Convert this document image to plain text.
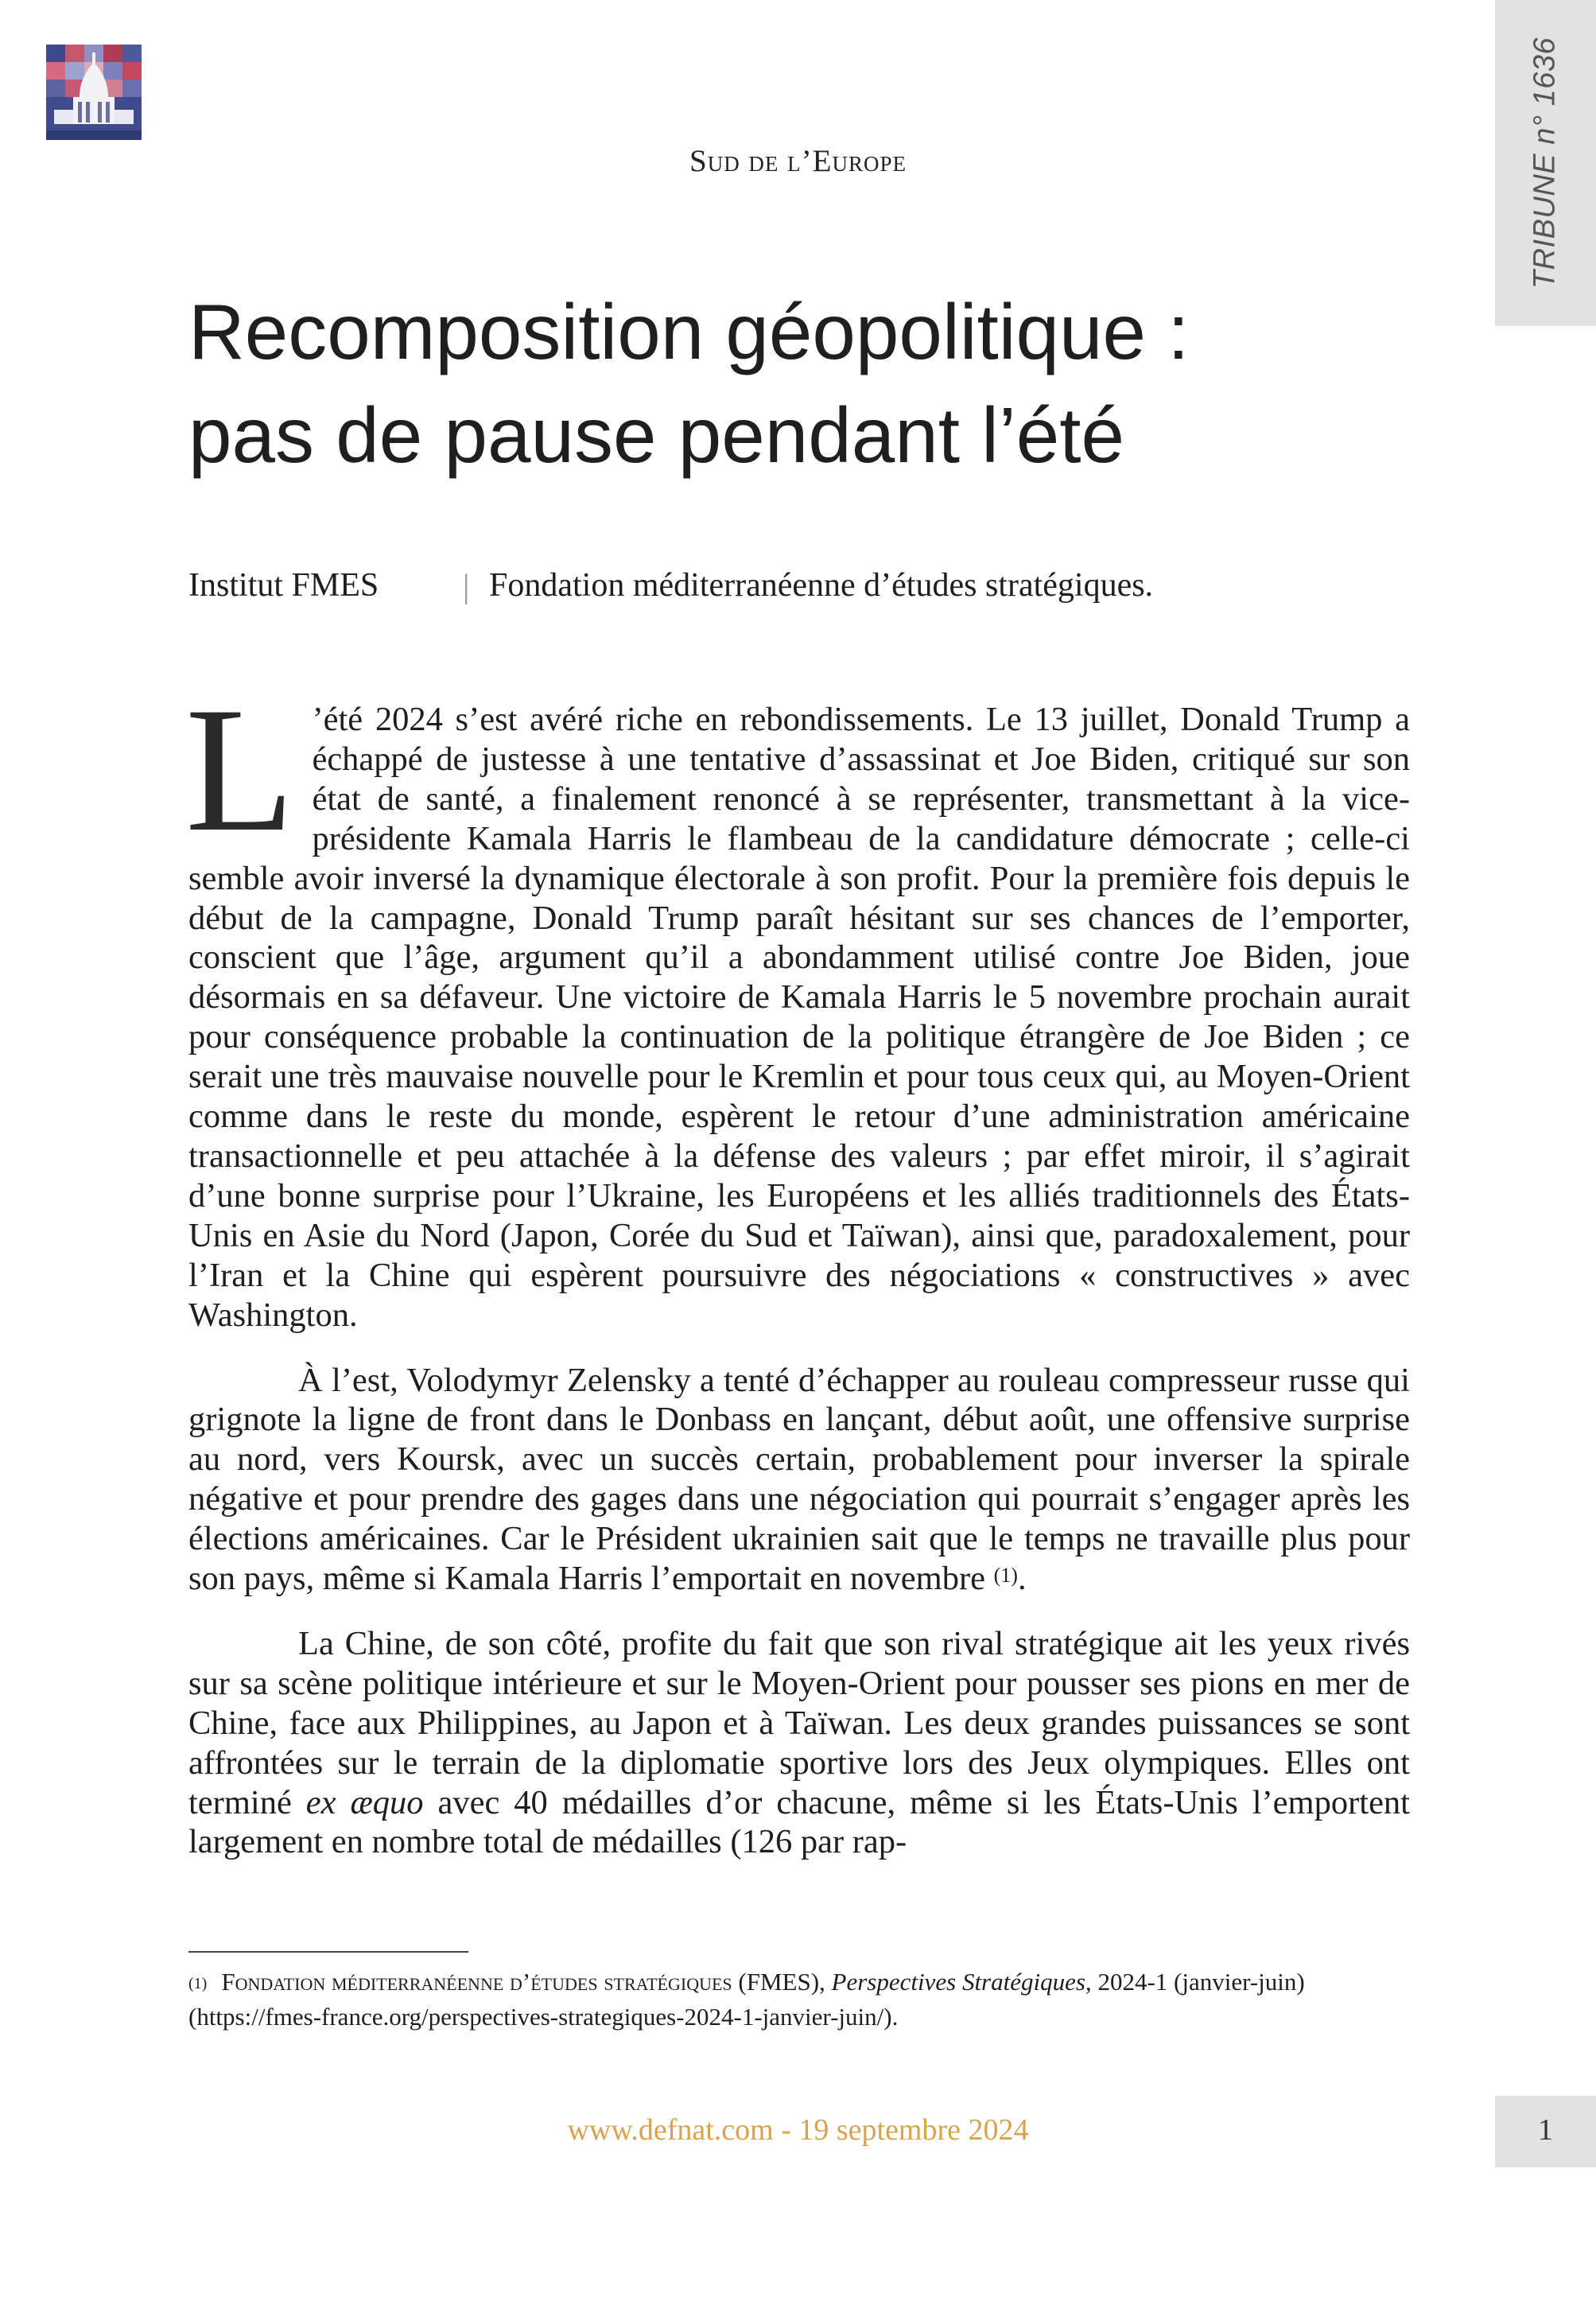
TRIBUNE n° 1636
Sud de l’Europe
Recomposition géopolitique :
pas de pause pendant l’été
Institut FMES	| Fondation méditerranéenne d’études stratégiques.

L ’été 2024 s’est avéré riche en rebondissements. Le 13 juillet, Donald Trump a échappé de justesse à une tentative d’assassinat et Joe Biden, critiqué sur son état de santé, a finalement renoncé à se représenter, transmettant à la vice-présidente Kamala Harris le flambeau de la candidature démocrate ; celle-ci semble avoir inversé la dynamique électorale à son profit. Pour la première fois depuis le début de la campagne, Donald Trump paraît hésitant sur ses chances de l’emporter, conscient que l’âge, argument qu’il a abondamment utilisé contre Joe Biden, joue désormais en sa défaveur. Une victoire de Kamala Harris le 5 novembre prochain aurait pour conséquence probable la continuation de la politique étrangère de Joe Biden ; ce serait une très mauvaise nouvelle pour le Kremlin et pour tous ceux qui, au Moyen-Orient comme dans le reste du monde, espèrent le retour d’une administration américaine transactionnelle et peu attachée à la défense des valeurs ; par effet miroir, il s’agirait d’une bonne surprise pour l’Ukraine, les Européens et les alliés traditionnels des États-Unis en Asie du Nord (Japon, Corée du Sud et Taïwan), ainsi que, paradoxalement, pour l’Iran et la Chine qui espèrent poursuivre des négociations « constructives » avec Washington.

À l’est, Volodymyr Zelensky a tenté d’échapper au rouleau compresseur russe qui grignote la ligne de front dans le Donbass en lançant, début août, une offensive surprise au nord, vers Koursk, avec un succès certain, probablement pour inverser la spirale négative et pour prendre des gages dans une négociation qui pourrait s’engager après les élections américaines. Car le Président ukrainien sait que le temps ne travaille plus pour son pays, même si Kamala Harris l’emportait en novembre $^{(1)}$.

La Chine, de son côté, profite du fait que son rival stratégique ait les yeux rivés sur sa scène politique intérieure et sur le Moyen-Orient pour pousser ses pions en mer de Chine, face aux Philippines, au Japon et à Taïwan. Les deux grandes puissances se sont affrontées sur le terrain de la diplomatie sportive lors des Jeux olympiques. Elles ont terminé ex æquo avec 40 médailles d’or chacune, même si les États-Unis l’emportent largement en nombre total de médailles (126 par rap-

$^{(1)}$ Fondation méditerranéenne d’études stratégiques (FMES), Perspectives Stratégiques, 2024-1 (janvier-juin)
(https://fmes-france.org/perspectives-strategiques-2024-1-janvier-juin/).
www.defnat.com - 19 septembre 2024	1
